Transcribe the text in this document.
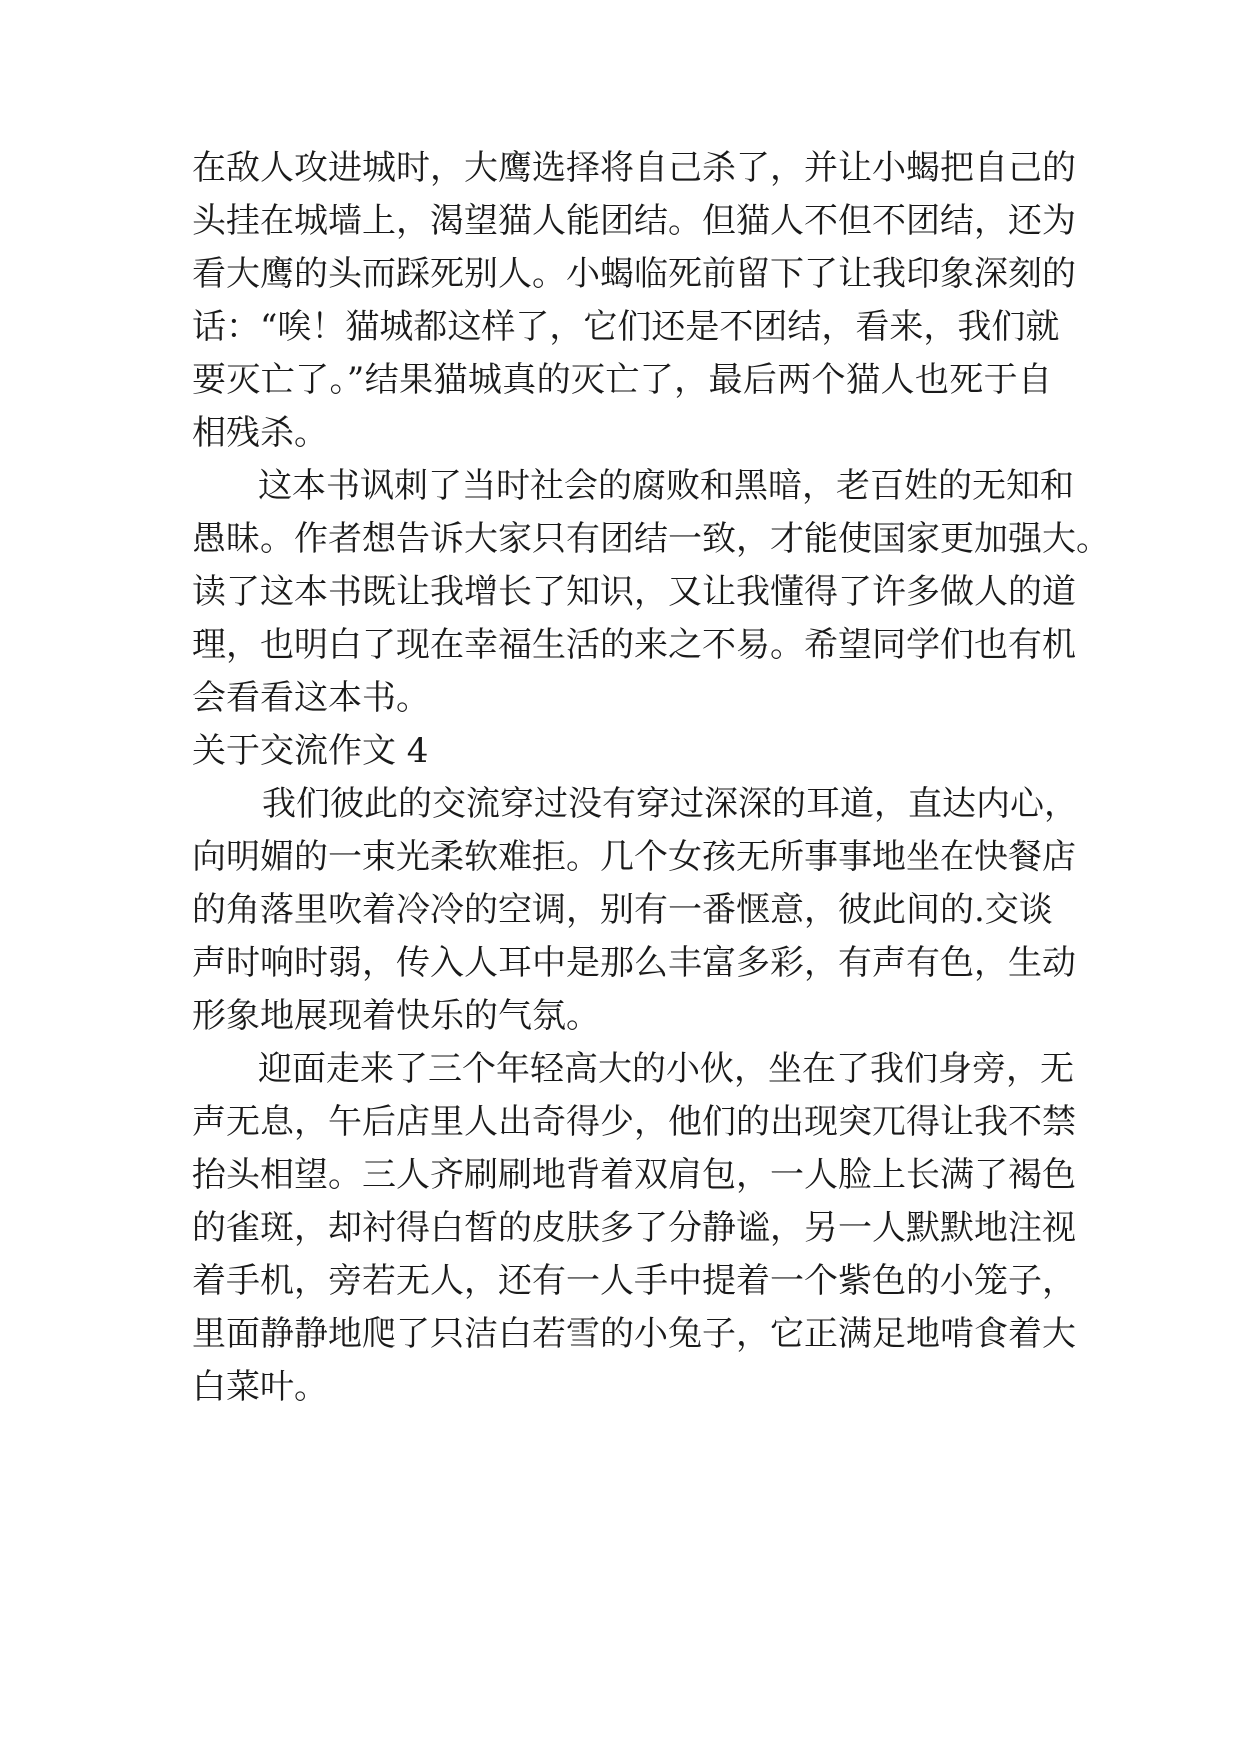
在敌人攻进城时，大鹰选择将自己杀了，并让小蝎把自己的
头挂在城墙上，渴望猫人能团结。但猫人不但不团结，还为
看大鹰的头而踩死别人。小蝎临死前留下了让我印象深刻的
话：“唉！猫城都这样了，它们还是不团结，看来，我们就
要灭亡了。”结果猫城真的灭亡了，最后两个猫人也死于自
相残杀。
这本书讽刺了当时社会的腐败和黑暗，老百姓的无知和
愚昧。作者想告诉大家只有团结一致，才能使国家更加强大。
读了这本书既让我增长了知识，又让我懂得了许多做人的道
理，也明白了现在幸福生活的来之不易。希望同学们也有机
会看看这本书。
关于交流作文 4
我们彼此的交流穿过没有穿过深深的耳道，直达内心，
向明媚的一束光柔软难拒。几个女孩无所事事地坐在快餐店
的角落里吹着冷冷的空调，别有一番惬意，彼此间的.交谈
声时响时弱，传入人耳中是那么丰富多彩，有声有色，生动
形象地展现着快乐的气氛。
迎面走来了三个年轻高大的小伙，坐在了我们身旁，无
声无息，午后店里人出奇得少，他们的出现突兀得让我不禁
抬头相望。三人齐刷刷地背着双肩包，一人脸上长满了褐色
的雀斑，却衬得白皙的皮肤多了分静谧，另一人默默地注视
着手机，旁若无人，还有一人手中提着一个紫色的小笼子，
里面静静地爬了只洁白若雪的小兔子，它正满足地啃食着大
白菜叶。
